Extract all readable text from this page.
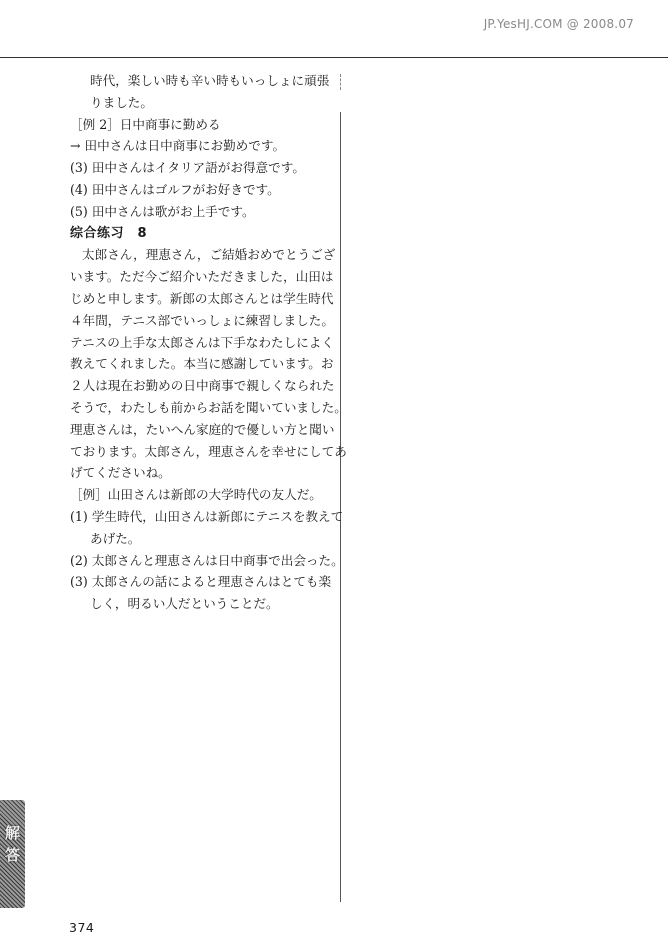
JP.YesHJ.COM @ 2008.07

時代，楽しい時も辛い時もいっしょに頑張

りました。

［例 2］日中商事に勤める

→ 田中さんは日中商事にお勤めです。

(3) 田中さんはイタリア語がお得意です。

(4) 田中さんはゴルフがお好きです。

(5) 田中さんは歌がお上手です。

综合练习　8

太郎さん，理恵さん，ご結婚おめでとうござ

います。ただ今ご紹介いただきました，山田は

じめと申します。新郎の太郎さんとは学生時代

４年間，テニス部でいっしょに練習しました。

テニスの上手な太郎さんは下手なわたしによく

教えてくれました。本当に感謝しています。お

２人は現在お勤めの日中商事で親しくなられた

そうで，わたしも前からお話を聞いていました。

理恵さんは，たいへん家庭的で優しい方と聞い

ております。太郎さん，理恵さんを幸せにしてあ

げてくださいね。

［例］山田さんは新郎の大学時代の友人だ。

(1) 学生時代，山田さんは新郎にテニスを教えて

あげた。

(2) 太郎さんと理恵さんは日中商事で出会った。

(3) 太郎さんの話によると理恵さんはとても楽

しく，明るい人だということだ。

解
答
374
